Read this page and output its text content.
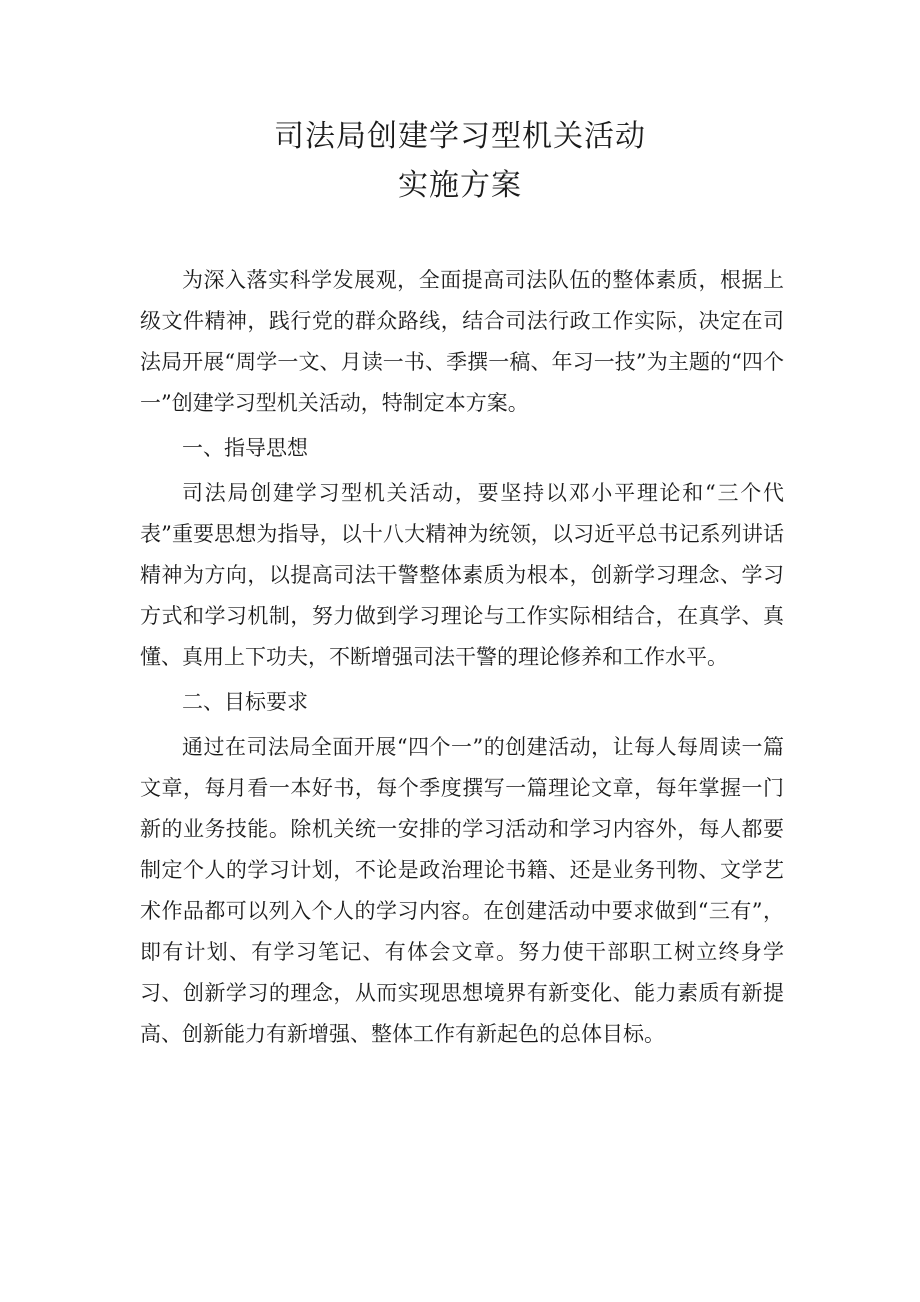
司法局创建学习型机关活动
实施方案

为深入落实科学发展观，全面提高司法队伍的整体素质，根据上级文件精神，践行党的群众路线，结合司法行政工作实际，决定在司法局开展“周学一文、月读一书、季撰一稿、年习一技”为主题的“四个一”创建学习型机关活动，特制定本方案。

一、指导思想

司法局创建学习型机关活动，要坚持以邓小平理论和“三个代表”重要思想为指导，以十八大精神为统领，以习近平总书记系列讲话精神为方向，以提高司法干警整体素质为根本，创新学习理念、学习方式和学习机制，努力做到学习理论与工作实际相结合，在真学、真懂、真用上下功夫，不断增强司法干警的理论修养和工作水平。

二、目标要求

通过在司法局全面开展“四个一”的创建活动，让每人每周读一篇文章，每月看一本好书，每个季度撰写一篇理论文章，每年掌握一门新的业务技能。除机关统一安排的学习活动和学习内容外，每人都要制定个人的学习计划，不论是政治理论书籍、还是业务刊物、文学艺术作品都可以列入个人的学习内容。在创建活动中要求做到“三有”，即有计划、有学习笔记、有体会文章。努力使干部职工树立终身学习、创新学习的理念，从而实现思想境界有新变化、能力素质有新提高、创新能力有新增强、整体工作有新起色的总体目标。
